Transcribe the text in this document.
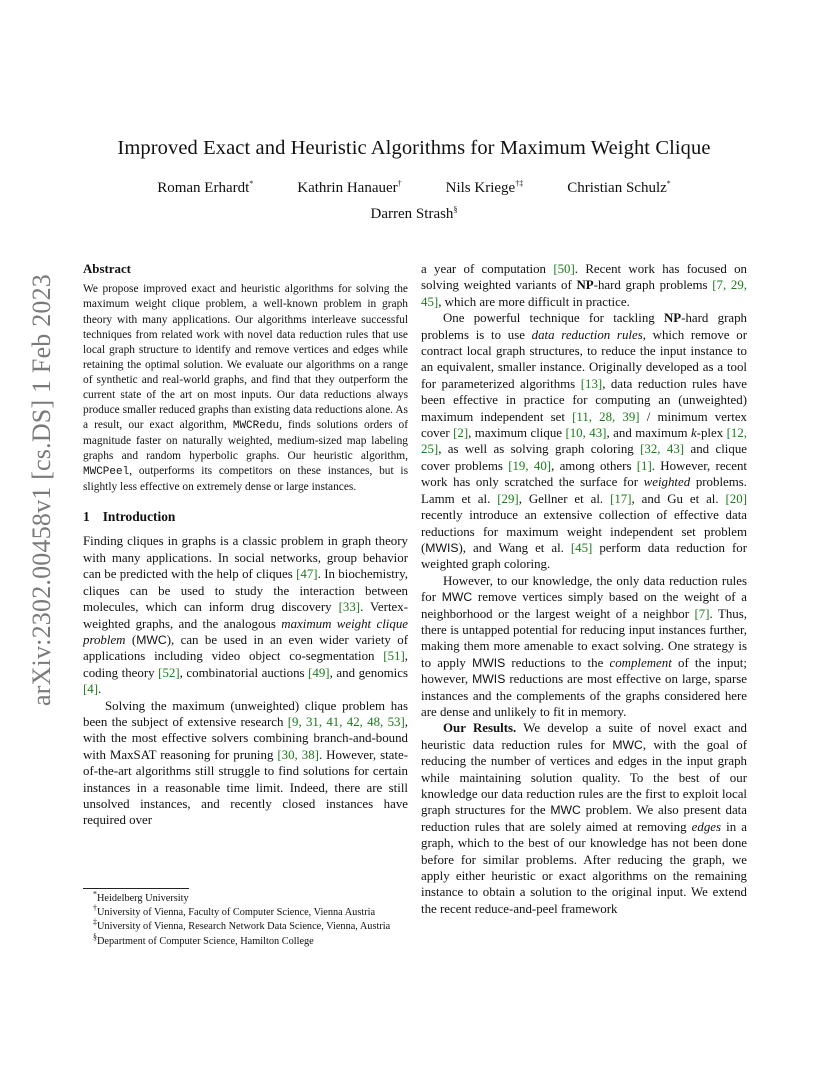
arXiv:2302.00458v1 [cs.DS] 1 Feb 2023
Improved Exact and Heuristic Algorithms for Maximum Weight Clique
Roman Erhardt*	Kathrin Hanauer†	Nils Kriege†‡	Christian Schulz*
Darren Strash§
Abstract

We propose improved exact and heuristic algorithms for solving the maximum weight clique problem, a well-known problem in graph theory with many applications. Our algorithms interleave successful techniques from related work with novel data reduction rules that use local graph structure to identify and remove vertices and edges while retaining the optimal solution. We evaluate our algorithms on a range of synthetic and real-world graphs, and find that they outperform the current state of the art on most inputs. Our data reductions always produce smaller reduced graphs than existing data reductions alone. As a result, our exact algorithm, MWCRedu, finds solutions orders of magnitude faster on naturally weighted, medium-sized map labeling graphs and random hyperbolic graphs. Our heuristic algorithm, MWCPeel, outperforms its competitors on these instances, but is slightly less effective on extremely dense or large instances.

1 Introduction

Finding cliques in graphs is a classic problem in graph theory with many applications. In social networks, group behavior can be predicted with the help of cliques [47]. In biochemistry, cliques can be used to study the interaction between molecules, which can inform drug discovery [33]. Vertex-weighted graphs, and the analogous maximum weight clique problem (MWC), can be used in an even wider variety of applications including video object co-segmentation [51], coding theory [52], combinatorial auctions [49], and genomics [4].

Solving the maximum (unweighted) clique problem has been the subject of extensive research [9, 31, 41, 42, 48, 53], with the most effective solvers combining branch-and-bound with MaxSAT reasoning for pruning [30, 38]. However, state-of-the-art algorithms still struggle to find solutions for certain instances in a reasonable time limit. Indeed, there are still unsolved instances, and recently closed instances have required over

*Heidelberg University

†University of Vienna, Faculty of Computer Science, Vienna Austria

‡University of Vienna, Research Network Data Science, Vienna, Austria

§Department of Computer Science, Hamilton College

a year of computation [50]. Recent work has focused on solving weighted variants of NP-hard graph problems [7, 29, 45], which are more difficult in practice.

One powerful technique for tackling NP-hard graph problems is to use data reduction rules, which remove or contract local graph structures, to reduce the input instance to an equivalent, smaller instance. Originally developed as a tool for parameterized algorithms [13], data reduction rules have been effective in practice for computing an (unweighted) maximum independent set [11, 28, 39] / minimum vertex cover [2], maximum clique [10, 43], and maximum k-plex [12, 25], as well as solving graph coloring [32, 43] and clique cover problems [19, 40], among others [1]. However, recent work has only scratched the surface for weighted problems. Lamm et al. [29], Gellner et al. [17], and Gu et al. [20] recently introduce an extensive collection of effective data reductions for maximum weight independent set problem (MWIS), and Wang et al. [45] perform data reduction for weighted graph coloring.

However, to our knowledge, the only data reduction rules for MWC remove vertices simply based on the weight of a neighborhood or the largest weight of a neighbor [7]. Thus, there is untapped potential for reducing input instances further, making them more amenable to exact solving. One strategy is to apply MWIS reductions to the complement of the input; however, MWIS reductions are most effective on large, sparse instances and the complements of the graphs considered here are dense and unlikely to fit in memory.

Our Results. We develop a suite of novel exact and heuristic data reduction rules for MWC, with the goal of reducing the number of vertices and edges in the input graph while maintaining solution quality. To the best of our knowledge our data reduction rules are the first to exploit local graph structures for the MWC problem. We also present data reduction rules that are solely aimed at removing edges in a graph, which to the best of our knowledge has not been done before for similar problems. After reducing the graph, we apply either heuristic or exact algorithms on the remaining instance to obtain a solution to the original input. We extend the recent reduce-and-peel framework
